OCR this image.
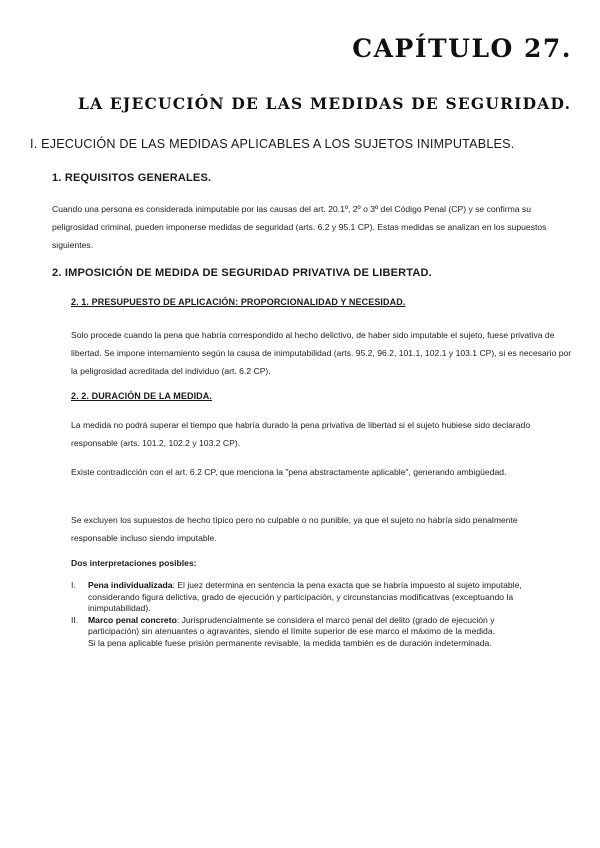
CAPÍTULO 27.
LA EJECUCIÓN DE LAS MEDIDAS DE SEGURIDAD.
I. EJECUCIÓN DE LAS MEDIDAS APLICABLES A LOS SUJETOS INIMPUTABLES.
1. REQUISITOS GENERALES.

Cuando una persona es considerada inimputable por las causas del art. 20.1º, 2º o 3º del Código Penal (CP) y se confirma su peligrosidad criminal, pueden imponerse medidas de seguridad (arts. 6.2 y 95.1 CP). Estas medidas se analizan en los supuestos siguientes.

2. IMPOSICIÓN DE MEDIDA DE SEGURIDAD PRIVATIVA DE LIBERTAD.
2. 1. PRESUPUESTO DE APLICACIÓN: PROPORCIONALIDAD Y NECESIDAD.

Solo procede cuando la pena que habría correspondido al hecho delictivo, de haber sido imputable el sujeto, fuese privativa de libertad. Se impone internamiento según la causa de inimputabilidad (arts. 95.2, 96.2, 101.1, 102.1 y 103.1 CP), si es necesario por la peligrosidad acreditada del individuo (art. 6.2 CP).

2. 2. DURACIÓN DE LA MEDIDA.

La medida no podrá superar el tiempo que habría durado la pena privativa de libertad si el sujeto hubiese sido declarado responsable (arts. 101.2, 102.2 y 103.2 CP).

Existe contradicción con el art. 6.2 CP, que menciona la "pena abstractamente aplicable", generando ambigüedad.

Se excluyen los supuestos de hecho típico pero no culpable o no punible, ya que el sujeto no habría sido penalmente responsable incluso siendo imputable.

Dos interpretaciones posibles:

I. Pena individualizada: El juez determina en sentencia la pena exacta que se habría impuesto al sujeto imputable, considerando figura delictiva, grado de ejecución y participación, y circunstancias modificativas (exceptuando la inimputabilidad).
II. Marco penal concreto: Jurisprudencialmente se considera el marco penal del delito (grado de ejecución y participación) sin atenuantes o agravantes, siendo el límite superior de ese marco el máximo de la medida.
Si la pena aplicable fuese prisión permanente revisable, la medida también es de duración indeterminada.
